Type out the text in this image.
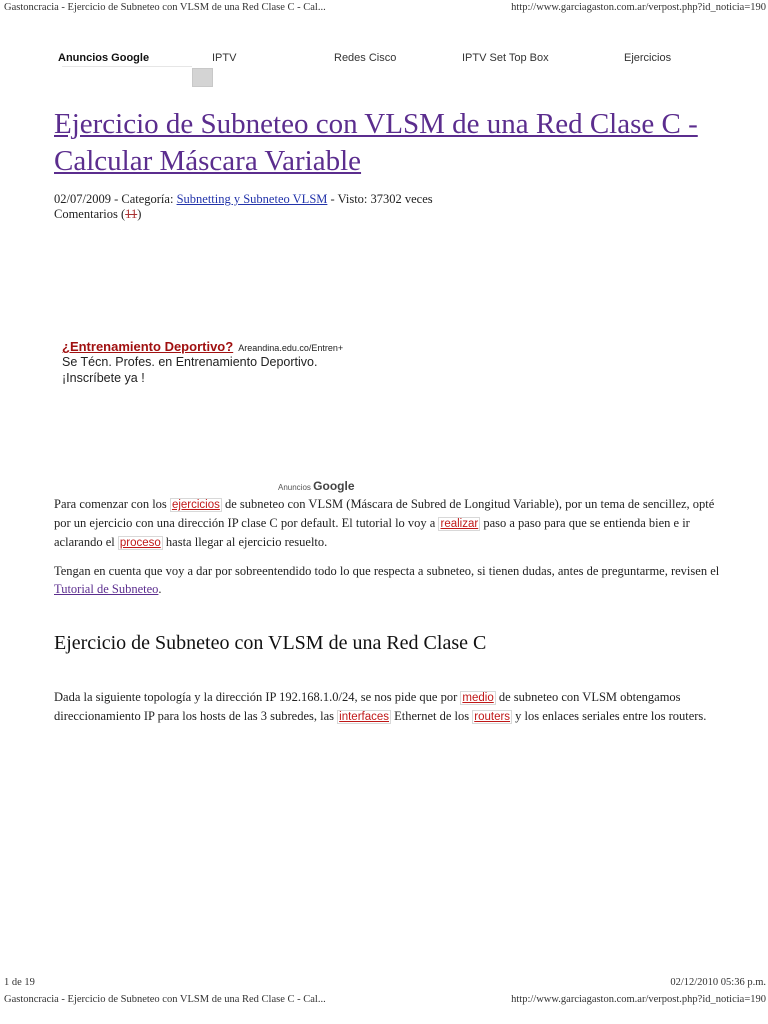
Gastoncracia - Ejercicio de Subneteo con VLSM de una Red Clase C - Cal...	http://www.garciagaston.com.ar/verpost.php?id_noticia=190
Anuncios Google	IPTV	Redes Cisco	IPTV Set Top Box	Ejercicios
Ejercicio de Subneteo con VLSM de una Red Clase C - Calcular Máscara Variable
02/07/2009 - Categoría: Subnetting y Subneteo VLSM - Visto: 37302 veces
Comentarios (11)
¿Entrenamiento Deportivo? Areandina.edu.co/Entren+
Se Técn. Profes. en Entrenamiento Deportivo.
¡Inscríbete ya !
Anuncios Google
Para comenzar con los ejercicios de subneteo con VLSM (Máscara de Subred de Longitud Variable), por un tema de sencillez, opté por un ejercicio con una dirección IP clase C por default. El tutorial lo voy a realizar paso a paso para que se entienda bien e ir aclarando el proceso hasta llegar al ejercicio resuelto.
Tengan en cuenta que voy a dar por sobreentendido todo lo que respecta a subneteo, si tienen dudas, antes de preguntarme, revisen el Tutorial de Subneteo.
Ejercicio de Subneteo con VLSM de una Red Clase C
Dada la siguiente topología y la dirección IP 192.168.1.0/24, se nos pide que por medio de subneteo con VLSM obtengamos direccionamiento IP para los hosts de las 3 subredes, las interfaces Ethernet de los routers y los enlaces seriales entre los routers.
1 de 19	02/12/2010 05:36 p.m.
Gastoncracia - Ejercicio de Subneteo con VLSM de una Red Clase C - Cal...	http://www.garciagaston.com.ar/verpost.php?id_noticia=190
